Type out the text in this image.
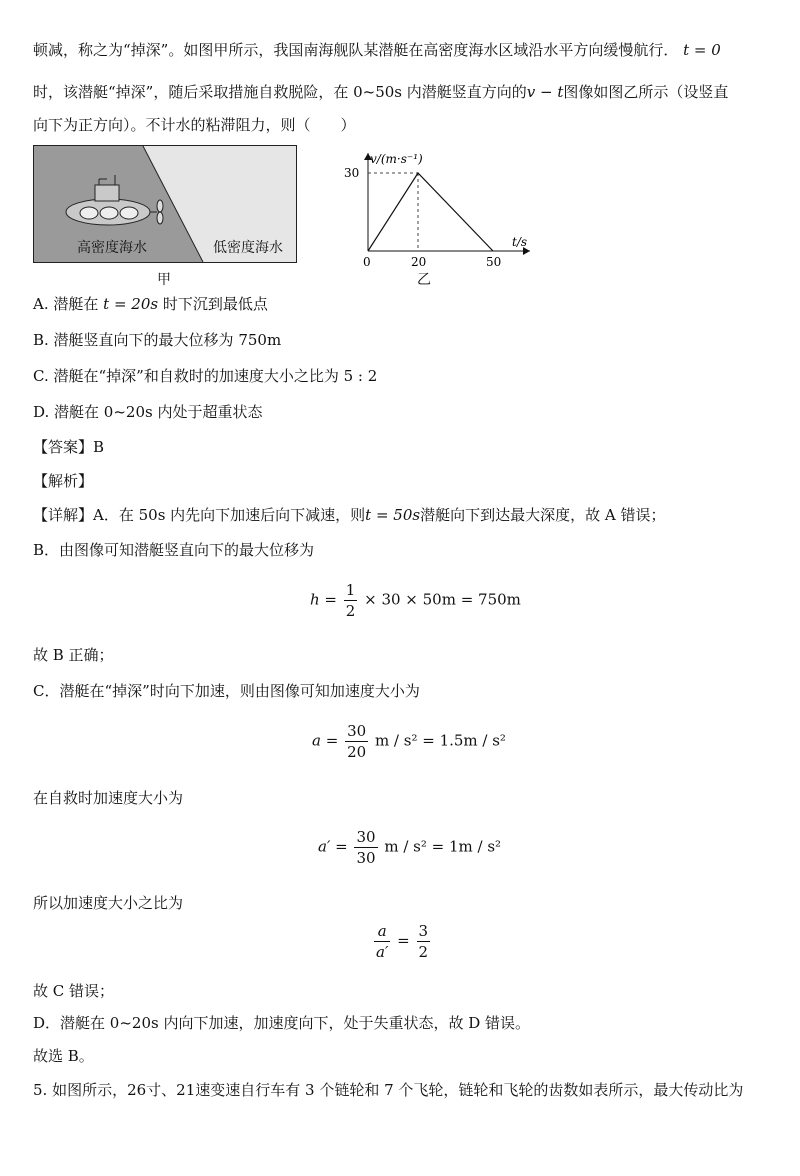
顿减，称之为“掉深”。如图甲所示，我国南海舰队某潜艇在高密度海水区域沿水平方向缓慢航行． t = 0
时，该潜艇“掉深”，随后采取措施自救脱险，在 0~50s 内潜艇竖直方向的v − t图像如图乙所示（设竖直
向下为正方向）。不计水的粘滞阻力，则（　　）
高密度海水	低密度海水
甲
v/(m·s⁻¹)
t/s
0
30
20	50
乙
A. 潜艇在 t = 20s 时下沉到最低点
B. 潜艇竖直向下的最大位移为 750m
C. 潜艇在“掉深”和自救时的加速度大小之比为 5 : 2
D. 潜艇在 0~20s 内处于超重状态
【答案】B
【解析】
【详解】A．在 50s 内先向下加速后向下减速，则t = 50s潜艇向下到达最大深度，故 A 错误；
B．由图像可知潜艇竖直向下的最大位移为
$h = \frac{1}{2} \times 30 \times 50m = 750m$
故 B 正确；
C．潜艇在“掉深”时向下加速，则由图像可知加速度大小为
$a = \frac{30}{20}$ m / s² = 1.5m / s²
在自救时加速度大小为
$a' = \frac{30}{30}$ m / s² = 1m / s²
所以加速度大小之比为
$\frac{a}{a'} = \frac{3}{2}$
故 C 错误；
D．潜艇在 0~20s 内向下加速，加速度向下，处于失重状态，故 D 错误。
故选 B。
5. 如图所示，26寸、21速变速自行车有 3 个链轮和 7 个飞轮，链轮和飞轮的齿数如表所示，最大传动比为
